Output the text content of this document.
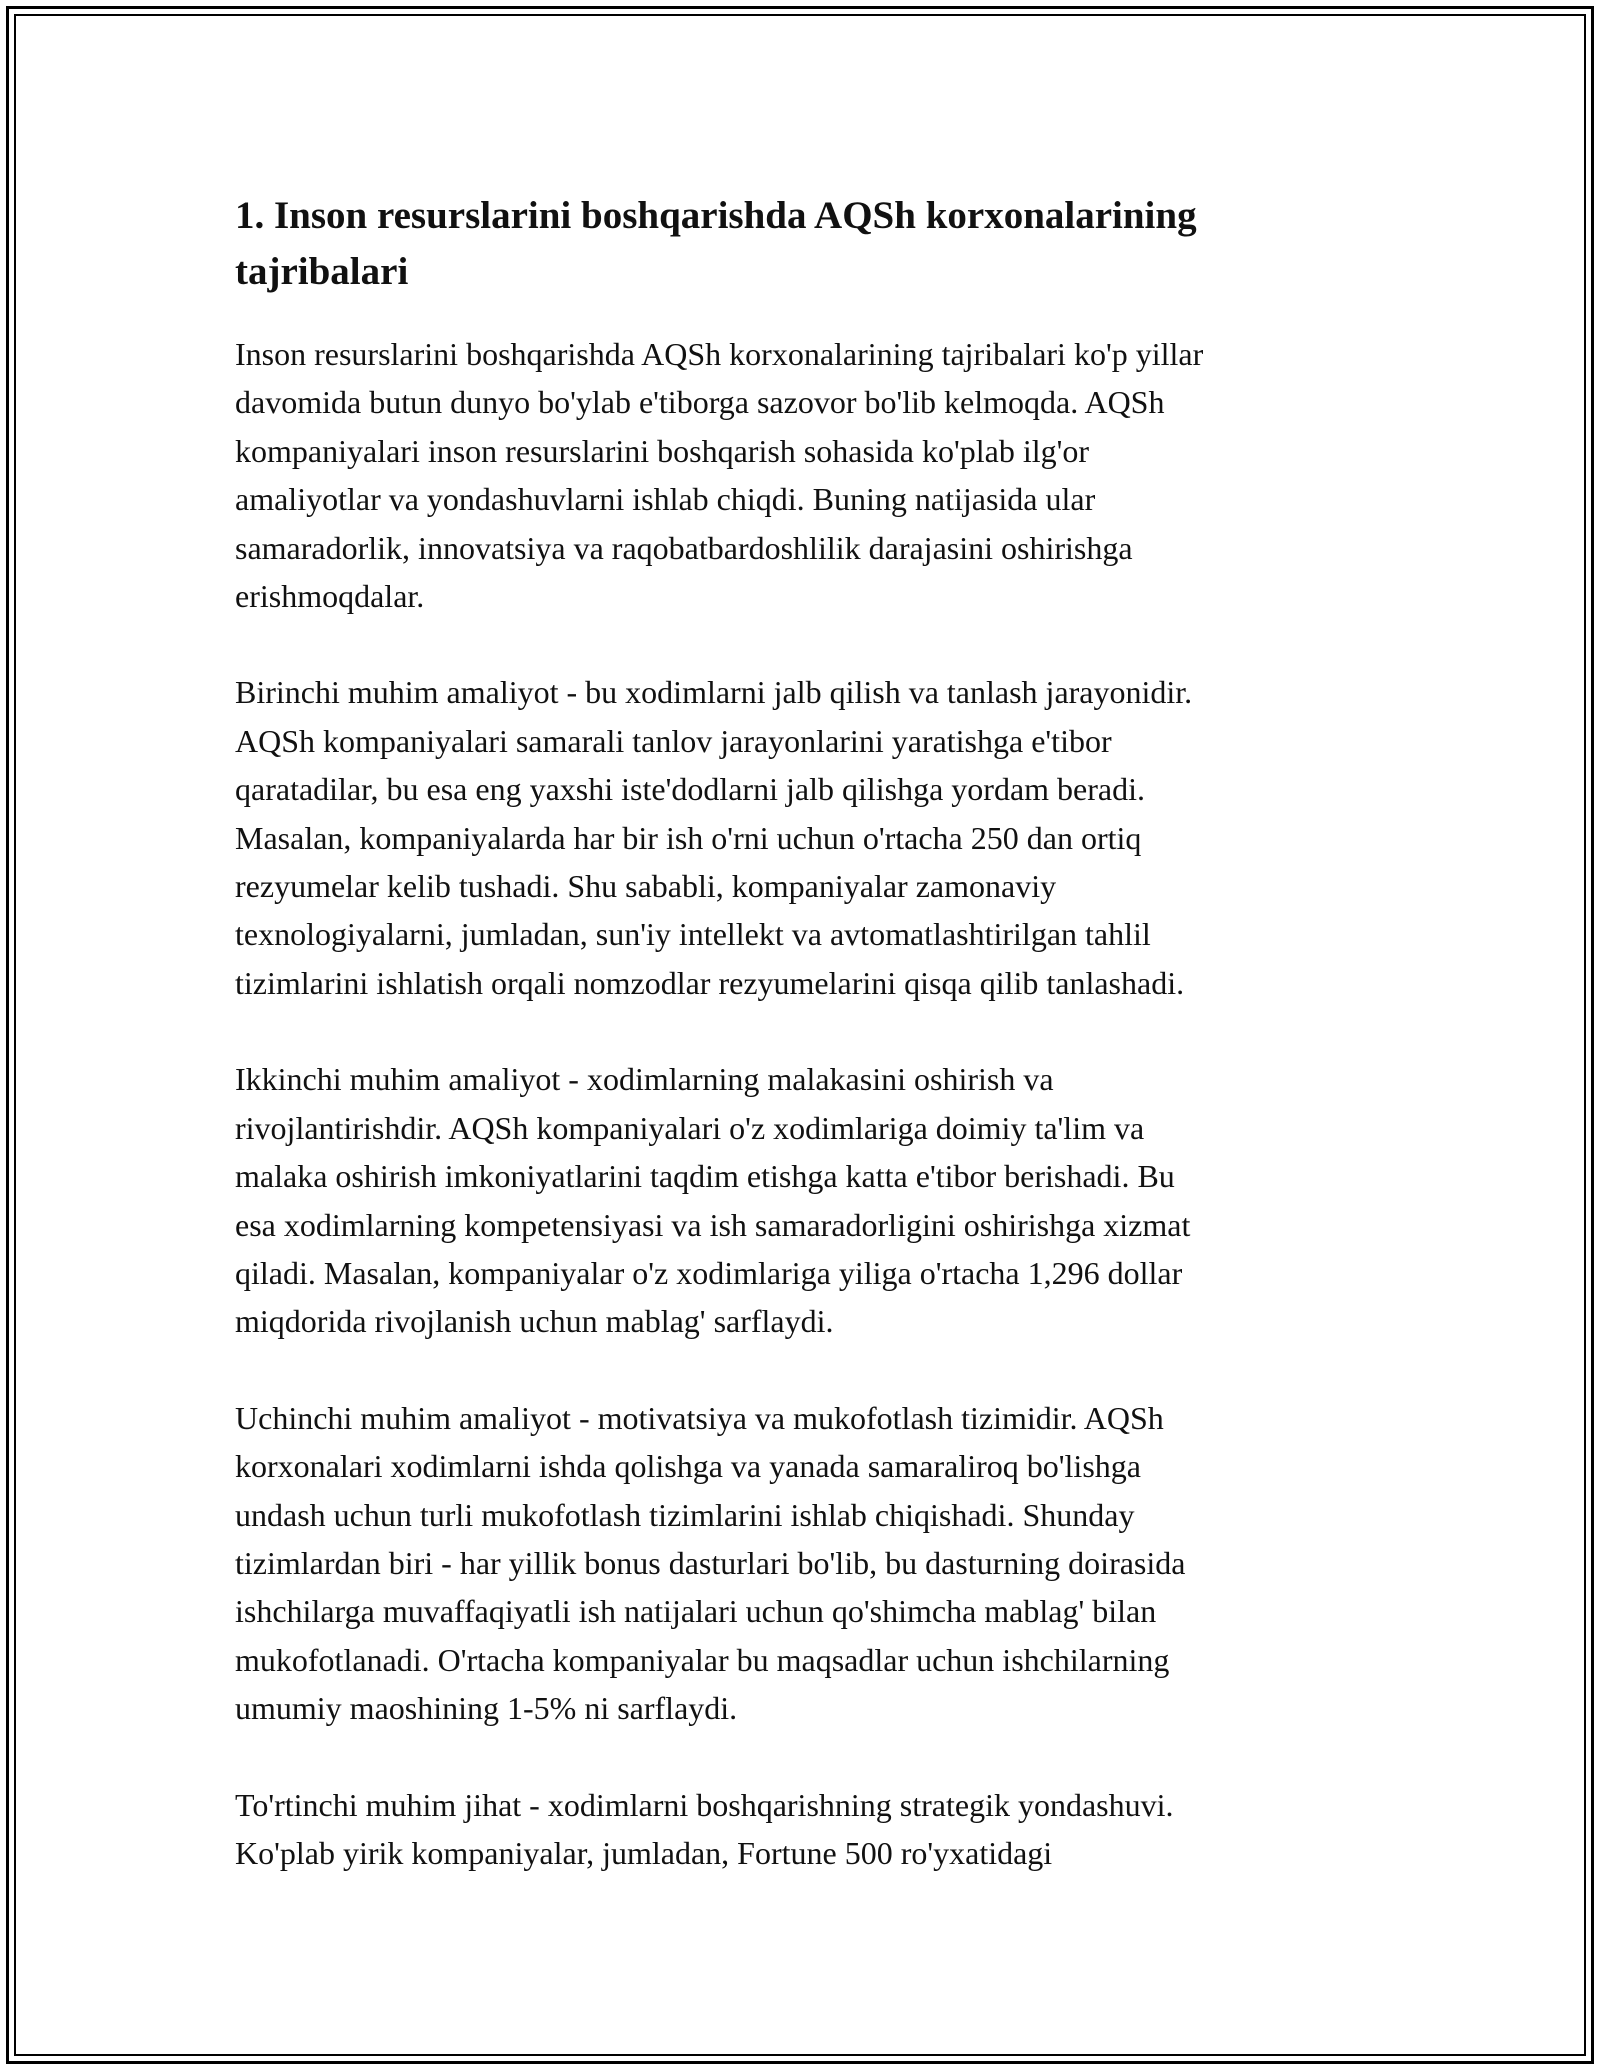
1. Inson resurslarini boshqarishda AQSh korxonalarining
tajribalari

Inson resurslarini boshqarishda AQSh korxonalarining tajribalari ko'p yillar
davomida butun dunyo bo'ylab e'tiborga sazovor bo'lib kelmoqda. AQSh
kompaniyalari inson resurslarini boshqarish sohasida ko'plab ilg'or
amaliyotlar va yondashuvlarni ishlab chiqdi. Buning natijasida ular
samaradorlik, innovatsiya va raqobatbardoshlilik darajasini oshirishga
erishmoqdalar.

Birinchi muhim amaliyot - bu xodimlarni jalb qilish va tanlash jarayonidir.
AQSh kompaniyalari samarali tanlov jarayonlarini yaratishga e'tibor
qaratadilar, bu esa eng yaxshi iste'dodlarni jalb qilishga yordam beradi.
Masalan, kompaniyalarda har bir ish o'rni uchun o'rtacha 250 dan ortiq
rezyumelar kelib tushadi. Shu sababli, kompaniyalar zamonaviy
texnologiyalarni, jumladan, sun'iy intellekt va avtomatlashtirilgan tahlil
tizimlarini ishlatish orqali nomzodlar rezyumelarini qisqa qilib tanlashadi.

Ikkinchi muhim amaliyot - xodimlarning malakasini oshirish va
rivojlantirishdir. AQSh kompaniyalari o'z xodimlariga doimiy ta'lim va
malaka oshirish imkoniyatlarini taqdim etishga katta e'tibor berishadi. Bu
esa xodimlarning kompetensiyasi va ish samaradorligini oshirishga xizmat
qiladi. Masalan, kompaniyalar o'z xodimlariga yiliga o'rtacha 1,296 dollar
miqdorida rivojlanish uchun mablag' sarflaydi.

Uchinchi muhim amaliyot - motivatsiya va mukofotlash tizimidir. AQSh
korxonalari xodimlarni ishda qolishga va yanada samaraliroq bo'lishga
undash uchun turli mukofotlash tizimlarini ishlab chiqishadi. Shunday
tizimlardan biri - har yillik bonus dasturlari bo'lib, bu dasturning doirasida
ishchilarga muvaffaqiyatli ish natijalari uchun qo'shimcha mablag' bilan
mukofotlanadi. O'rtacha kompaniyalar bu maqsadlar uchun ishchilarning
umumiy maoshining 1-5% ni sarflaydi.

To'rtinchi muhim jihat - xodimlarni boshqarishning strategik yondashuvi.
Ko'plab yirik kompaniyalar, jumladan, Fortune 500 ro'yxatidagi
